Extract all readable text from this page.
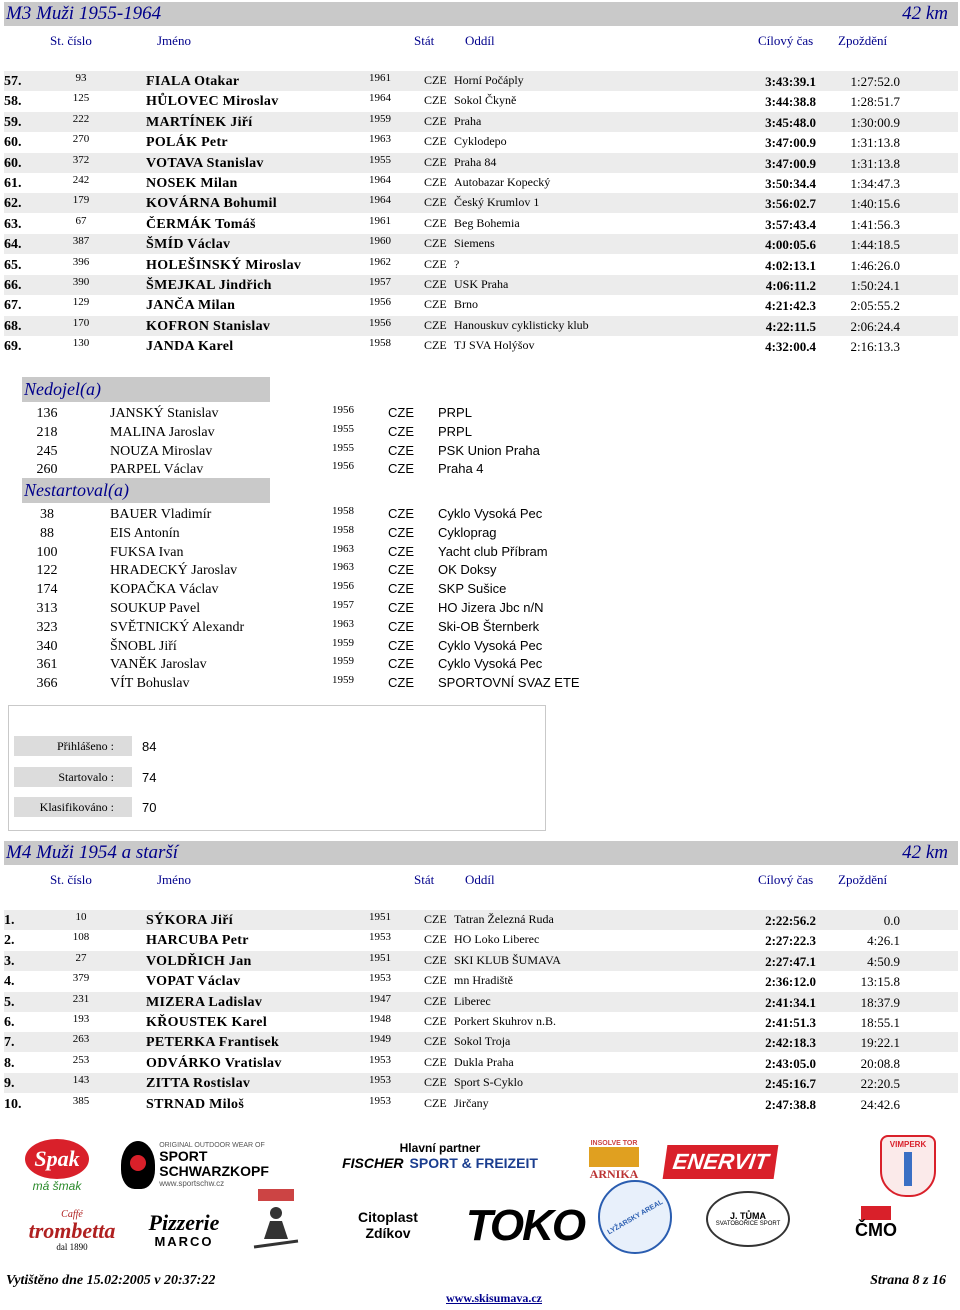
M3 Muži 1955-1964	42 km
St. číslo	Jméno	Stát Oddíl	Cílový čas Zpoždění
57.	93	FIALA Otakar	1961	CZE Horní Počáply	3:43:39.1	1:27:52.0
58.	125	HŮLOVEC Miroslav	1964	CZE Sokol Čkyně	3:44:38.8	1:28:51.7
59.	222	MARTÍNEK Jiří	1959	CZE Praha	3:45:48.0	1:30:00.9
60.	270	POLÁK Petr	1963	CZE Cyklodepo	3:47:00.9	1:31:13.8
60.	372	VOTAVA Stanislav	1955	CZE Praha 84	3:47:00.9	1:31:13.8
61.	242	NOSEK Milan	1964	CZE Autobazar Kopecký	3:50:34.4	1:34:47.3
62.	179	KOVÁRNA Bohumil	1964	CZE Český Krumlov 1	3:56:02.7	1:40:15.6
63.	67	ČERMÁK Tomáš	1961	CZE Beg Bohemia	3:57:43.4	1:41:56.3
64.	387	ŠMÍD Václav	1960	CZE Siemens	4:00:05.6	1:44:18.5
65.	396	HOLEŠINSKÝ Miroslav	1962	CZE ?	4:02:13.1	1:46:26.0
66.	390	ŠMEJKAL Jindřich	1957	CZE USK Praha	4:06:11.2	1:50:24.1
67.	129	JANČA Milan	1956	CZE Brno	4:21:42.3	2:05:55.2
68.	170	KOFRON Stanislav	1956	CZE Hanouskuv cyklisticky klub	4:22:11.5	2:06:24.4
69.	130	JANDA Karel	1958	CZE TJ SVA Holýšov	4:32:00.4	2:16:13.3
Nedojel(a)
136	JANSKÝ Stanislav	1956	CZE PRPL
218	MALINA Jaroslav	1955	CZE PRPL
245	NOUZA Miroslav	1955	CZE PSK Union Praha
260	PARPEL Václav	1956	CZE Praha 4
Nestartoval(a)
38	BAUER Vladimír	1958	CZE Cyklo Vysoká Pec
88	EIS Antonín	1958	CZE Cykloprag
100	FUKSA Ivan	1963	CZE Yacht club Příbram
122	HRADECKÝ Jaroslav	1963	CZE OK Doksy
174	KOPAČKA Václav	1956	CZE SKP Sušice
313	SOUKUP Pavel	1957	CZE HO Jizera Jbc n/N
323	SVĚTNICKÝ Alexandr	1963	CZE Ski-OB Šternberk
340	ŠNOBL Jiří	1959	CZE Cyklo Vysoká Pec
361	VANĚK Jaroslav	1959	CZE Cyklo Vysoká Pec
366	VÍT Bohuslav	1959	CZE SPORTOVNÍ SVAZ ETE
Přihlášeno : 84
Startovalo : 74
Klasifikováno : 70
M4 Muži 1954 a starší	42 km
St. číslo	Jméno	Stát Oddíl	Cílový čas Zpoždění
1.	10	SÝKORA Jiří	1951	CZE Tatran Železná Ruda	2:22:56.2	0.0
2.	108	HARCUBA Petr	1953	CZE HO Loko Liberec	2:27:22.3	4:26.1
3.	27	VOLDŘICH Jan	1951	CZE SKI KLUB ŠUMAVA	2:27:47.1	4:50.9
4.	379	VOPAT Václav	1953	CZE mn Hradiště	2:36:12.0	13:15.8
5.	231	MIZERA Ladislav	1947	CZE Liberec	2:41:34.1	18:37.9
6.	193	KŘOUSTEK Karel	1948	CZE Porkert Skuhrov n.B.	2:41:51.3	18:55.1
7.	263	PETERKA Frantisek	1949	CZE Sokol Troja	2:42:18.3	19:22.1
8.	253	ODVÁRKO Vratislav	1953	CZE Dukla Praha	2:43:05.0	20:08.8
9.	143	ZITTA Rostislav	1953	CZE Sport S-Cyklo	2:45:16.7	22:20.5
10.	385	STRNAD Miloš	1953	CZE Jirčany	2:47:38.8	24:42.6
Spak
má šmak
ORIGINAL OUTDOOR WEAR OF
SPORT SCHWARZKOPF
www.sportschw.cz
Hlavní partner
FISCHER SPORT & FREIZEIT
INSOLVE TOR
ARNIKA	ENERVIT
VIMPERK
Caffé
trombetta
dal 1890
Pizzerie
MARCO
Citoplast
Zdíkov TOKO	LYŽARSKY AREAL	J. TŮMA
SVATOBOŘICE SPORT	ČMO
Vytištěno dne 15.02:2005 v 20:37:22	Strana 8 z 16
www.skisumava.cz
